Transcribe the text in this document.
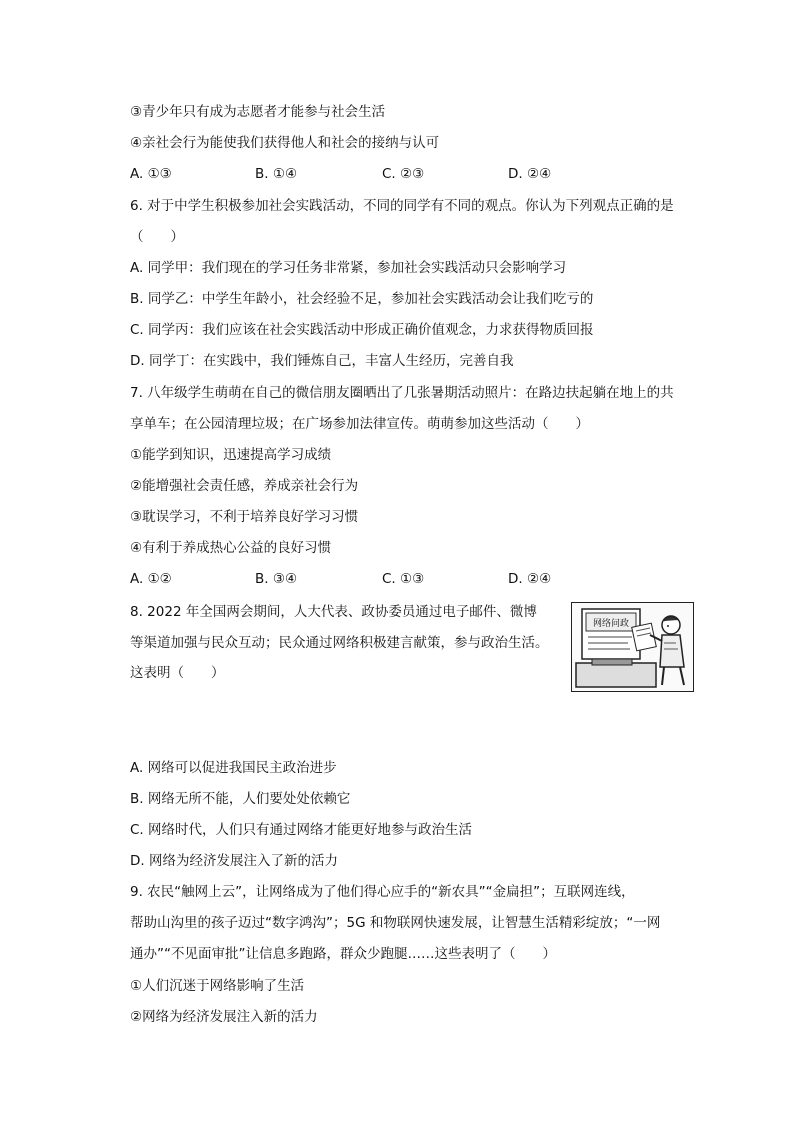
③青少年只有成为志愿者才能参与社会生活
④亲社会行为能使我们获得他人和社会的接纳与认可
A. ①③	B. ①④	C. ②③	D. ②④
6. 对于中学生积极参加社会实践活动，不同的同学有不同的观点。你认为下列观点正确的是
（　　）
A. 同学甲：我们现在的学习任务非常紧，参加社会实践活动只会影响学习
B. 同学乙：中学生年龄小，社会经验不足，参加社会实践活动会让我们吃亏的
C. 同学丙：我们应该在社会实践活动中形成正确价值观念，力求获得物质回报
D. 同学丁：在实践中，我们锤炼自己，丰富人生经历，完善自我
7. 八年级学生萌萌在自己的微信朋友圈晒出了几张暑期活动照片：在路边扶起躺在地上的共
享单车；在公园清理垃圾；在广场参加法律宣传。萌萌参加这些活动（　　）
①能学到知识，迅速提高学习成绩
②能增强社会责任感，养成亲社会行为
③耽误学习，不利于培养良好学习习惯
④有利于养成热心公益的良好习惯
A. ①②	B. ③④	C. ①③	D. ②④
8. 2022 年全国两会期间，人大代表、政协委员通过电子邮件、微博
等渠道加强与民众互动；民众通过网络积极建言献策，参与政治生活。
这表明（　　）
网络问政
A. 网络可以促进我国民主政治进步
B. 网络无所不能，人们要处处依赖它
C. 网络时代，人们只有通过网络才能更好地参与政治生活
D. 网络为经济发展注入了新的活力
9. 农民“触网上云”，让网络成为了他们得心应手的“新农具”“金扁担”；互联网连线，
帮助山沟里的孩子迈过“数字鸿沟”；5G 和物联网快速发展，让智慧生活精彩绽放；“一网
通办”“不见面审批”让信息多跑路，群众少跑腿……这些表明了（　　）
①人们沉迷于网络影响了生活
②网络为经济发展注入新的活力
